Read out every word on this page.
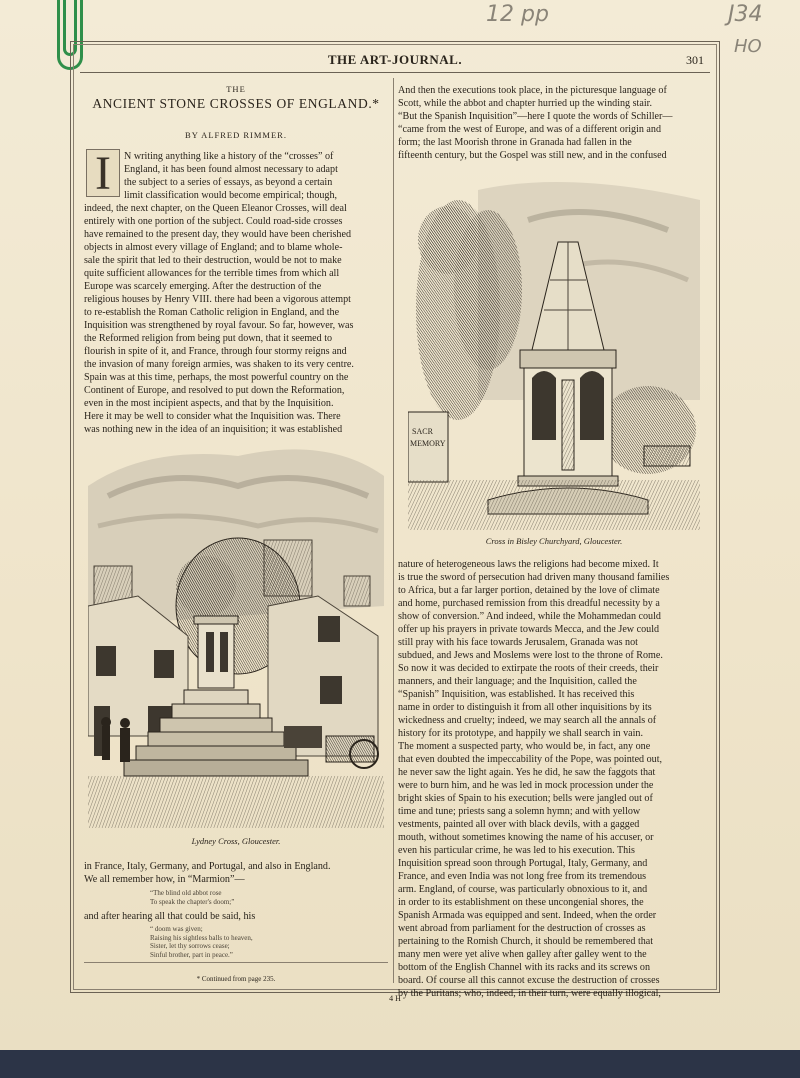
12 pp	J34
HO
THE ART-JOURNAL.	301
THE
ANCIENT STONE CROSSES OF ENGLAND.*
BY ALFRED RIMMER.
I	N writing anything like a history of the “crosses” of
England, it has been found almost necessary to adapt
the subject to a series of essays, as beyond a certain
limit classification would become empirical; though,
indeed, the next chapter, on the Queen Eleanor Crosses, will deal
entirely with one portion of the subject. Could road-side crosses
have remained to the present day, they would have been cherished
objects in almost every village of England; and to blame whole-
sale the spirit that led to their destruction, would be not to make
quite sufficient allowances for the terrible times from which all
Europe was scarcely emerging. After the destruction of the
religious houses by Henry VIII. there had been a vigorous attempt
to re-establish the Roman Catholic religion in England, and the
Inquisition was strengthened by royal favour. So far, however, was
the Reformed religion from being put down, that it seemed to
flourish in spite of it, and France, through four stormy reigns and
the invasion of many foreign armies, was shaken to its very centre.
Spain was at this time, perhaps, the most powerful country on the
Continent of Europe, and resolved to put down the Reformation,
even in the most incipient aspects, and that by the Inquisition.
Here it may be well to consider what the Inquisition was. There
was nothing new in the idea of an inquisition; it was established
Lydney Cross, Gloucester.
in France, Italy, Germany, and Portugal, and also in England.
We all remember how, in “Marmion”—
“The blind old abbot rose
To speak the chapter's doom;”
and after hearing all that could be said, his
“ doom was given;
Raising his sightless balls to heaven,
Sister, let thy sorrows cease;
Sinful brother, part in peace.”
* Continued from page 235.
And then the executions took place, in the picturesque language of
Scott, while the abbot and chapter hurried up the winding stair.
“But the Spanish Inquisition”—here I quote the words of Schiller—
“came from the west of Europe, and was of a different origin and
form; the last Moorish throne in Granada had fallen in the
fifteenth century, but the Gospel was still new, and in the confused
SACR
MEMORY
Cross in Bisley Churchyard, Gloucester.
nature of heterogeneous laws the religions had become mixed. It
is true the sword of persecution had driven many thousand families
to Africa, but a far larger portion, detained by the love of climate
and home, purchased remission from this dreadful necessity by a
show of conversion.” And indeed, while the Mohammedan could
offer up his prayers in private towards Mecca, and the Jew could
still pray with his face towards Jerusalem, Granada was not
subdued, and Jews and Moslems were lost to the throne of Rome.
So now it was decided to extirpate the roots of their creeds, their
manners, and their language; and the Inquisition, called the
“Spanish” Inquisition, was established. It has received this
name in order to distinguish it from all other inquisitions by its
wickedness and cruelty; indeed, we may search all the annals of
history for its prototype, and happily we shall search in vain.
The moment a suspected party, who would be, in fact, any one
that even doubted the impeccability of the Pope, was pointed out,
he never saw the light again. Yes he did, he saw the faggots that
were to burn him, and he was led in mock procession under the
bright skies of Spain to his execution; bells were jangled out of
time and tune; priests sang a solemn hymn; and with yellow
vestments, painted all over with black devils, with a gagged
mouth, without sometimes knowing the name of his accuser, or
even his particular crime, he was led to his execution. This
Inquisition spread soon through Portugal, Italy, Germany, and
France, and even India was not long free from its tremendous
arm. England, of course, was particularly obnoxious to it, and
in order to its establishment on these uncongenial shores, the
Spanish Armada was equipped and sent. Indeed, when the order
went abroad from parliament for the destruction of crosses as
pertaining to the Romish Church, it should be remembered that
many men were yet alive when galley after galley went to the
bottom of the English Channel with its racks and its screws on
board. Of course all this cannot excuse the destruction of crosses
by the Puritans; who, indeed, in their turn, were equally illogical,
4 H
